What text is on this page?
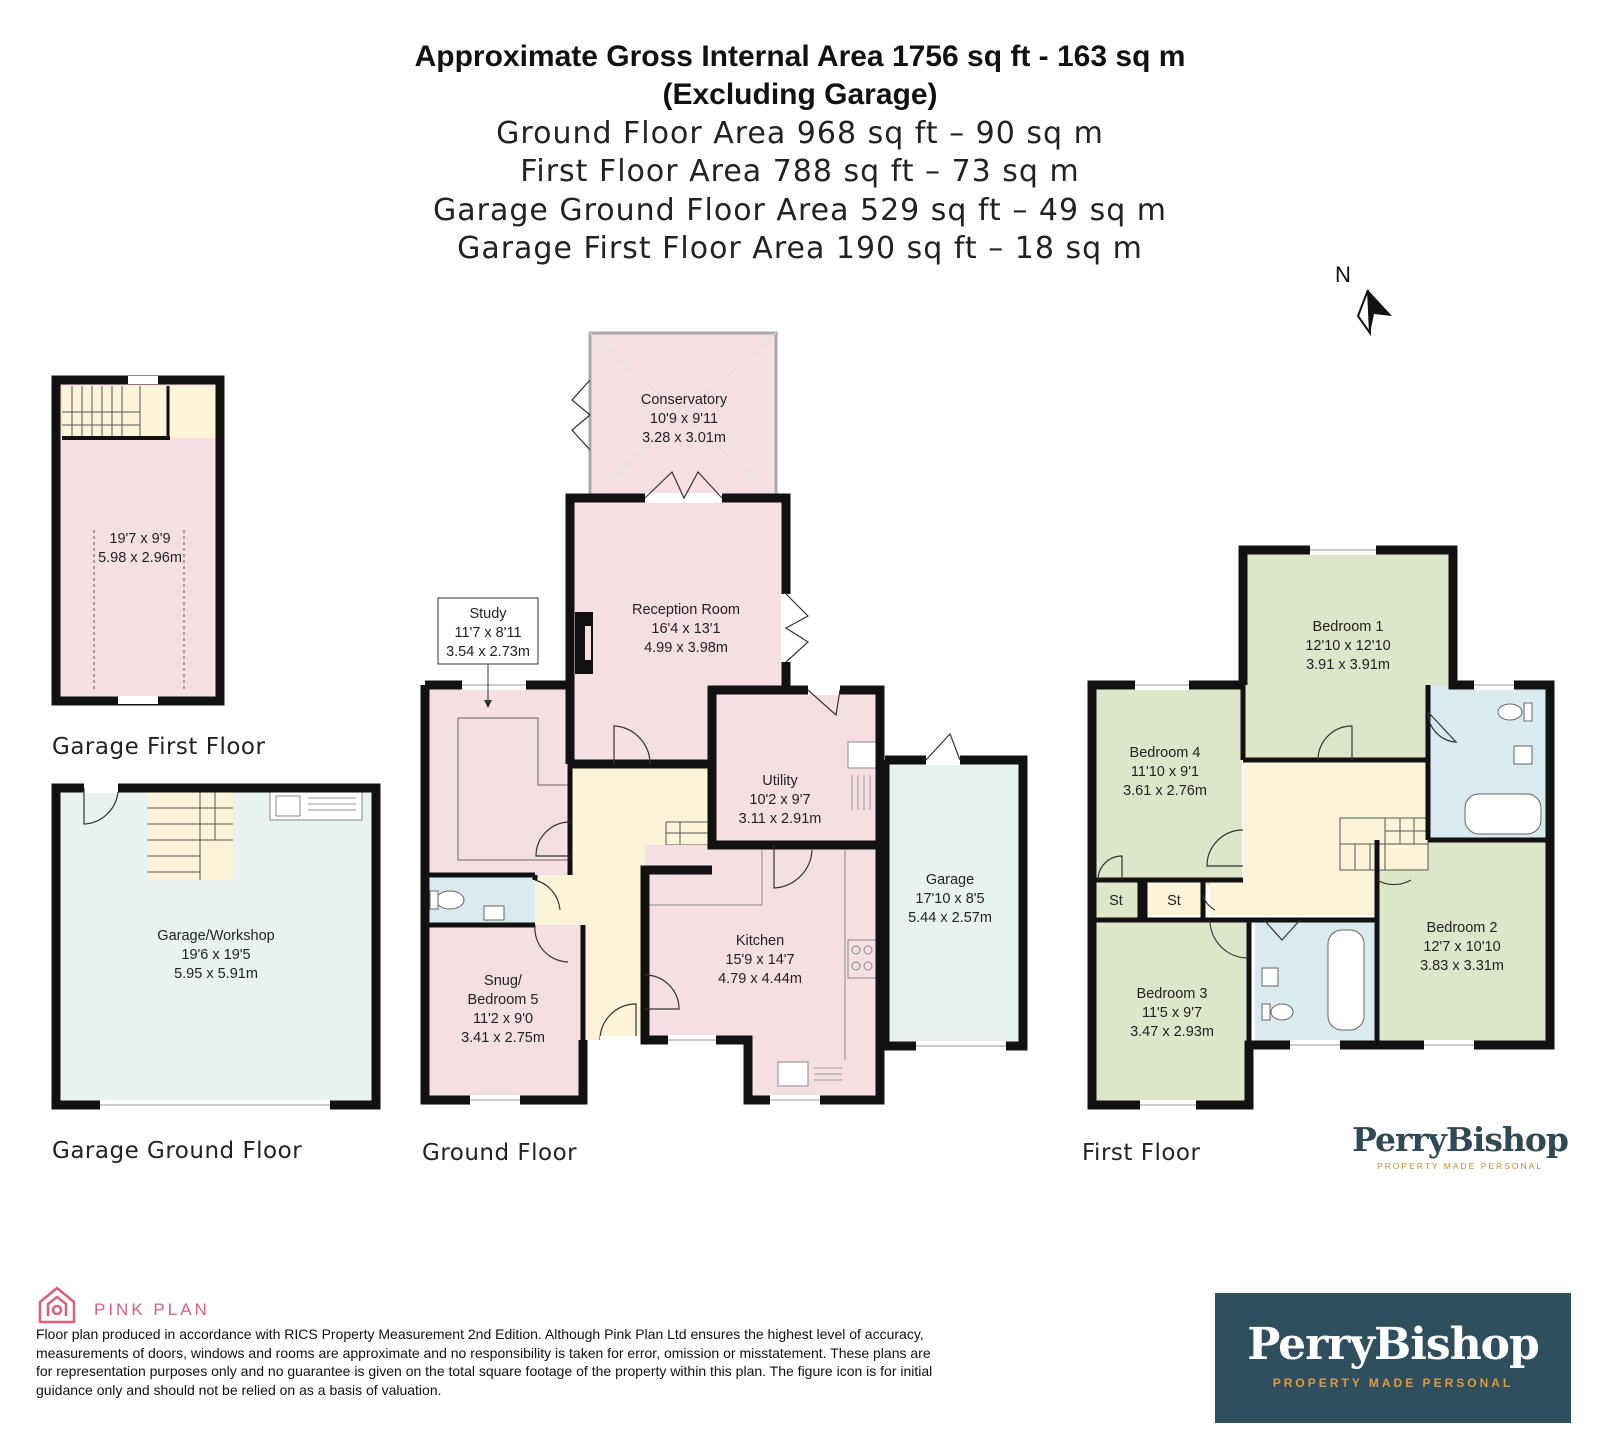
Approximate Gross Internal Area 1756 sq ft - 163 sq m
(Excluding Garage)
Ground Floor Area 968 sq ft – 90 sq m
First Floor Area 788 sq ft – 73 sq m
Garage Ground Floor Area 529 sq ft – 49 sq m
Garage First Floor Area 190 sq ft – 18 sq m
N
19'7 x 9'9
5.98 x 2.96m
Garage/Workshop
19'6 x 19'5
5.95 x 5.91m
Conservatory
10'9 x 9'11
3.28 x 3.01m
Reception Room
16'4 x 13'1
4.99 x 3.98m
Study
11'7 x 8'11
3.54 x 2.73m
Utility
10'2 x 9'7
3.11 x 2.91m
Garage
17'10 x 8'5
5.44 x 2.57m
Kitchen
15'9 x 14'7
4.79 x 4.44m
Snug/
Bedroom 5
11'2 x 9'0
3.41 x 2.75m
Bedroom 1
12'10 x 12'10
3.91 x 3.91m
Bedroom 4
11'10 x 9'1
3.61 x 2.76m
St	St
Bedroom 2
12'7 x 10'10
3.83 x 3.31m
Bedroom 3
11'5 x 9'7
3.47 x 2.93m
Garage First Floor
Garage Ground Floor	Ground Floor	First Floor	PerryBishop
PROPERTY MADE PERSONAL
PINK PLAN
Floor plan produced in accordance with RICS Property Measurement 2nd Edition. Although Pink Plan Ltd ensures the highest level of accuracy, measurements of doors, windows and rooms are approximate and no responsibility is taken for error, omission or misstatement. These plans are for representation purposes only and no guarantee is given on the total square footage of the property within this plan. The figure icon is for initial guidance only and should not be relied on as a basis of valuation.
PerryBishop
PROPERTY MADE PERSONAL
